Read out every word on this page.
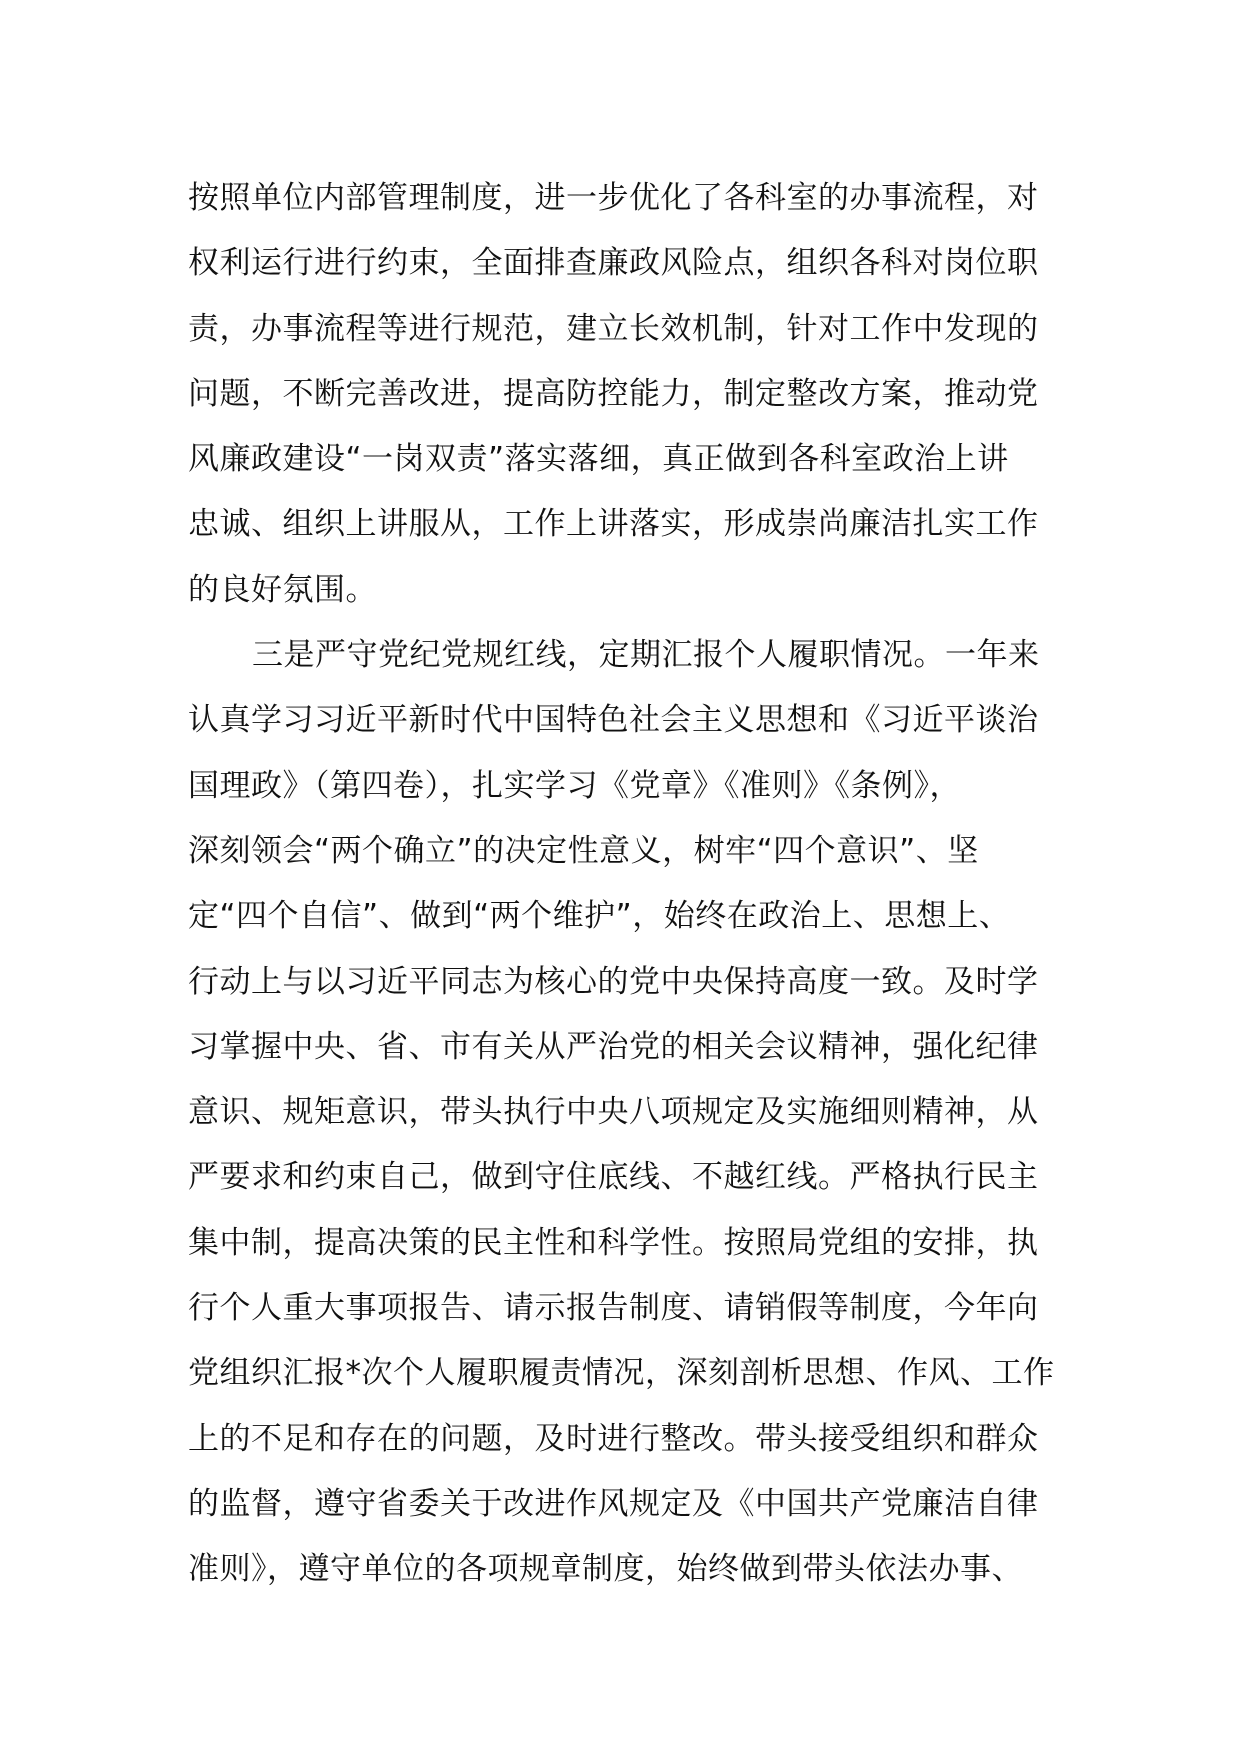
按照单位内部管理制度，进一步优化了各科室的办事流程，对
权利运行进行约束，全面排查廉政风险点，组织各科对岗位职
责，办事流程等进行规范，建立长效机制，针对工作中发现的
问题，不断完善改进，提高防控能力，制定整改方案，推动党
风廉政建设“一岗双责”落实落细，真正做到各科室政治上讲
忠诚、组织上讲服从，工作上讲落实，形成崇尚廉洁扎实工作
的良好氛围。
三是严守党纪党规红线，定期汇报个人履职情况。一年来
认真学习习近平新时代中国特色社会主义思想和《习近平谈治
国理政》（第四卷），扎实学习《党章》《准则》《条例》，
深刻领会“两个确立”的决定性意义，树牢“四个意识”、坚
定“四个自信”、做到“两个维护”，始终在政治上、思想上、
行动上与以习近平同志为核心的党中央保持高度一致。及时学
习掌握中央、省、市有关从严治党的相关会议精神，强化纪律
意识、规矩意识，带头执行中央八项规定及实施细则精神，从
严要求和约束自己，做到守住底线、不越红线。严格执行民主
集中制，提高决策的民主性和科学性。按照局党组的安排，执
行个人重大事项报告、请示报告制度、请销假等制度，今年向
党组织汇报*次个人履职履责情况，深刻剖析思想、作风、工作
上的不足和存在的问题，及时进行整改。带头接受组织和群众
的监督，遵守省委关于改进作风规定及《中国共产党廉洁自律
准则》，遵守单位的各项规章制度，始终做到带头依法办事、
